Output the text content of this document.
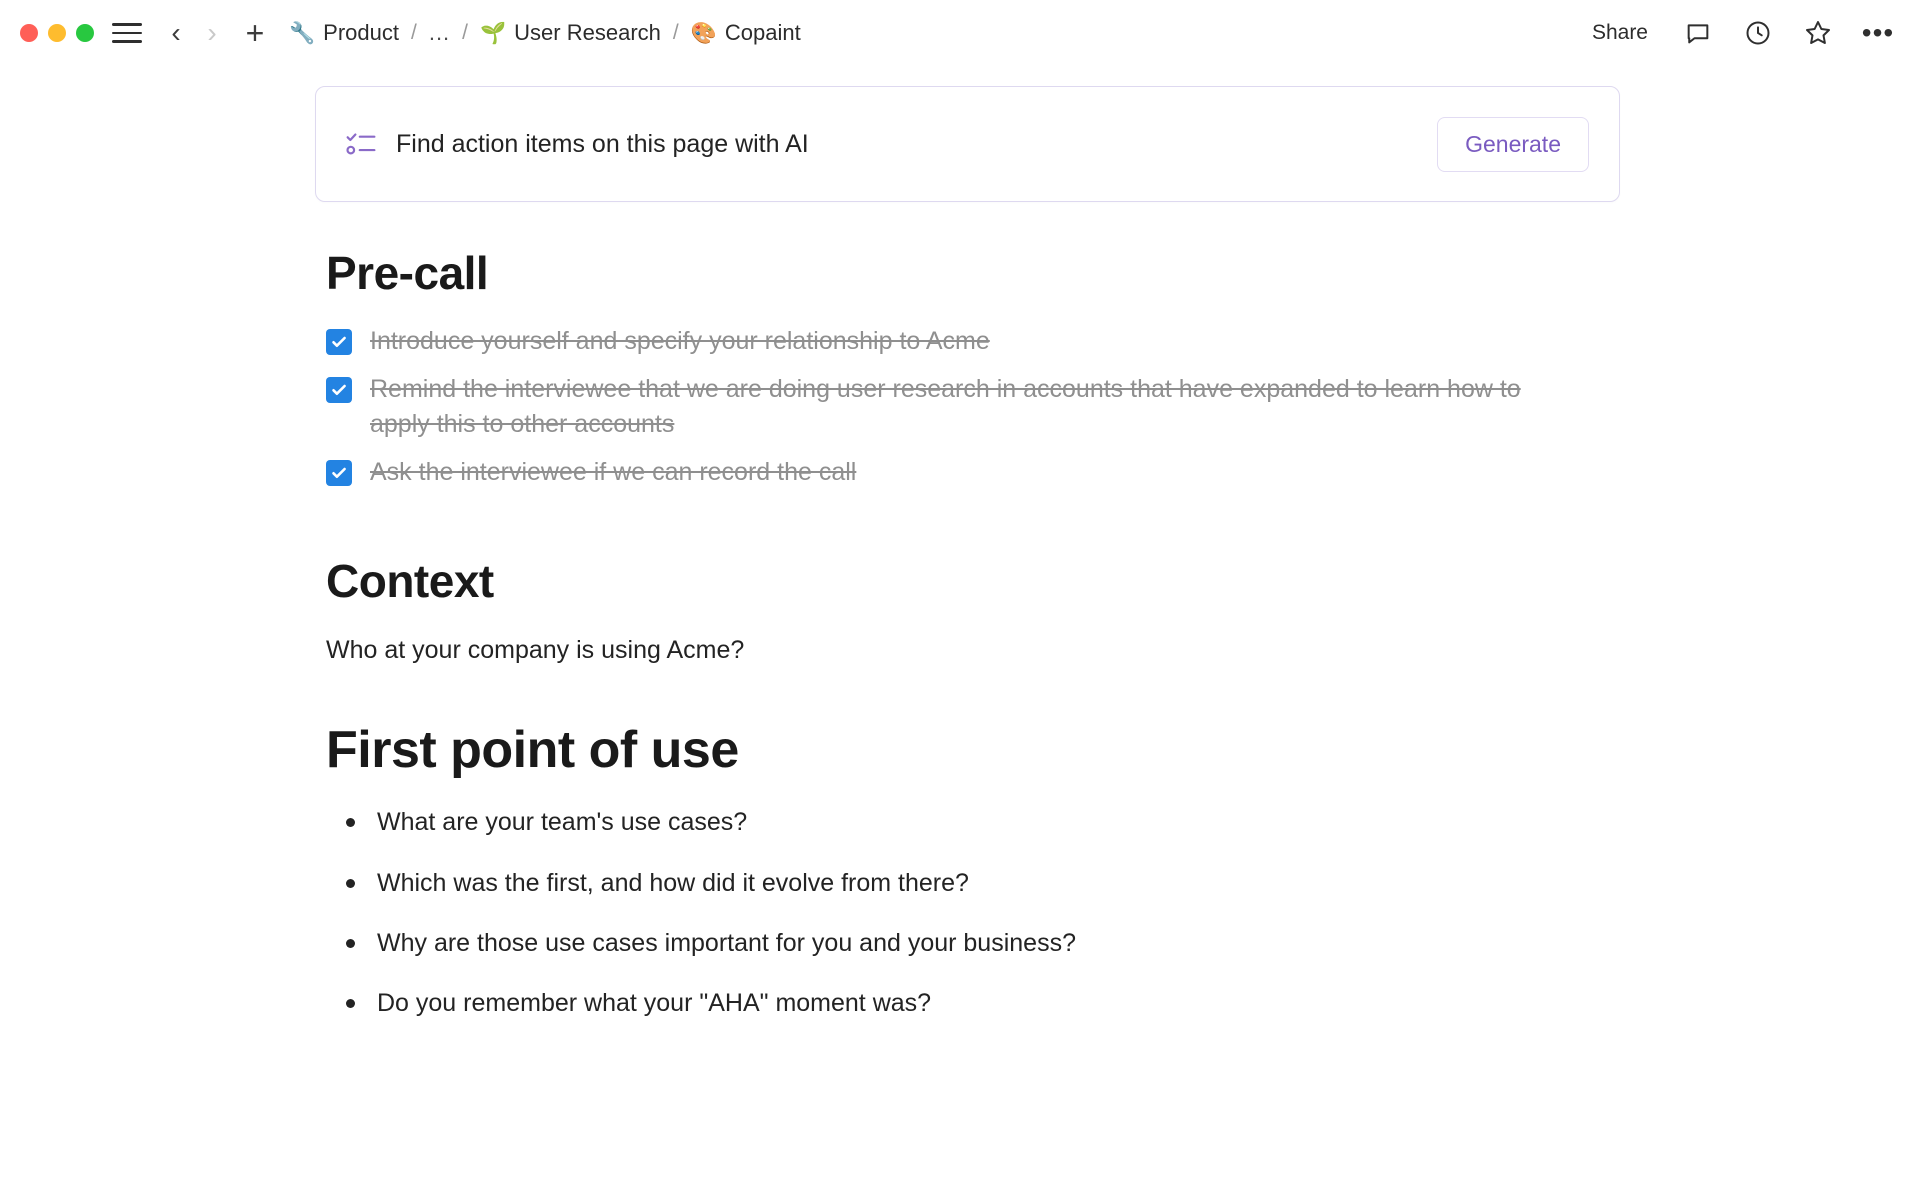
‹ › +	🔧 Product / ... / 🌱 User Research / 🎨 Copaint	Share	•••
Find action items on this page with AI	Generate
Pre-call
Introduce yourself and specify your relationship to Acme
Remind the interviewee that we are doing user research in accounts that have expanded to learn how to apply this to other accounts
Ask the interviewee if we can record the call
Context

Who at your company is using Acme?

First point of use
What are your team's use cases?
Which was the first, and how did it evolve from there?
Why are those use cases important for you and your business?
Do you remember what your "AHA" moment was?
